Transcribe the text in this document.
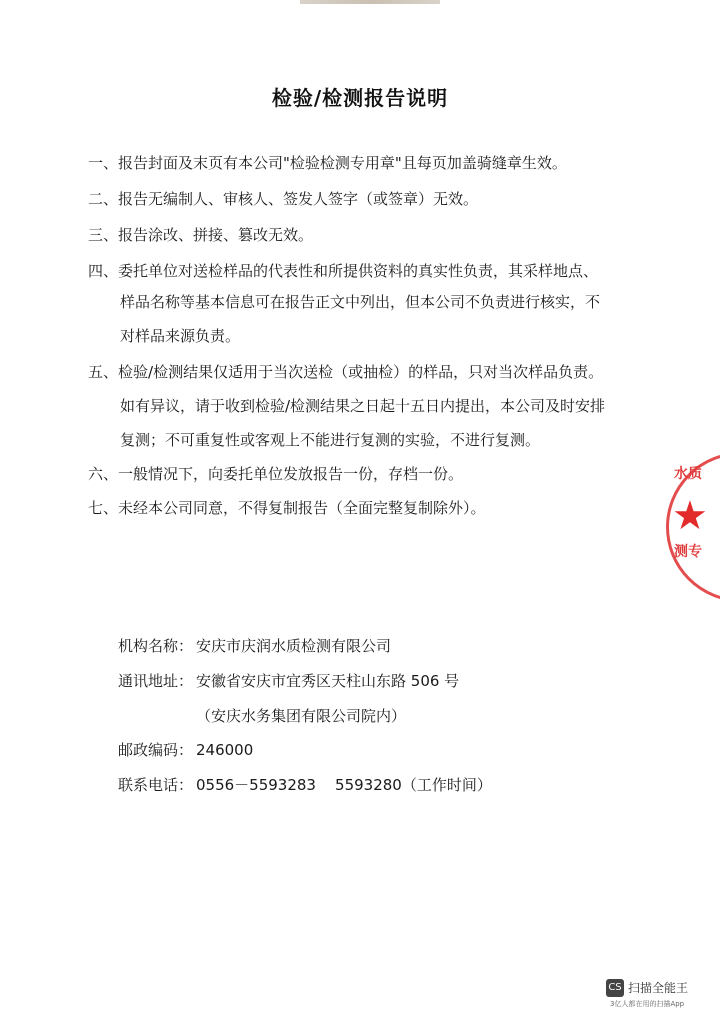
检验/检测报告说明
一、报告封面及末页有本公司"检验检测专用章"且每页加盖骑缝章生效。
二、报告无编制人、审核人、签发人签字（或签章）无效。
三、报告涂改、拼接、篡改无效。
四、委托单位对送检样品的代表性和所提供资料的真实性负责，其采样地点、
样品名称等基本信息可在报告正文中列出，但本公司不负责进行核实，不
对样品来源负责。
五、检验/检测结果仅适用于当次送检（或抽检）的样品，只对当次样品负责。
如有异议，请于收到检验/检测结果之日起十五日内提出，本公司及时安排
复测；不可重复性或客观上不能进行复测的实验，不进行复测。
六、一般情况下，向委托单位发放报告一份，存档一份。
七、未经本公司同意，不得复制报告（全面完整复制除外）。
水质
★
测专
机构名称： 安庆市庆润水质检测有限公司
通讯地址： 安徽省安庆市宜秀区天柱山东路 506 号
（安庆水务集团有限公司院内）
邮政编码： 246000
联系电话： 0556－5593283    5593280（工作时间）
CS 扫描全能王
3亿人都在用的扫描App
